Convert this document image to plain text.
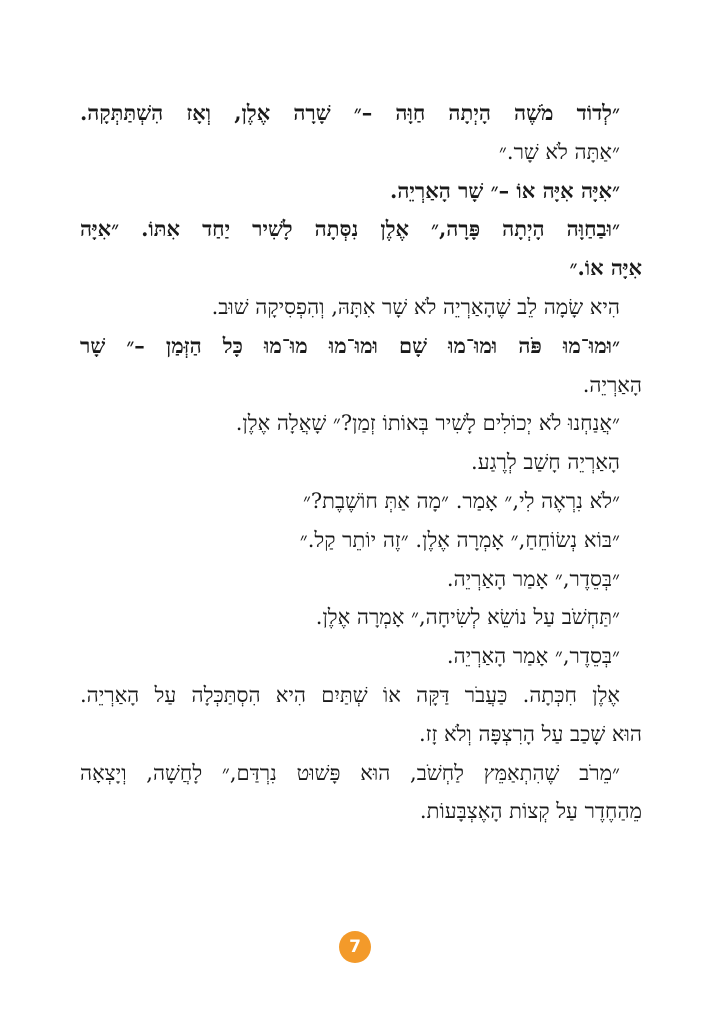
״לְדוֹד מֹשֶׁה הָיְתָה חַוָּה –״ שָׁרָה אֶלֶן, וְאָז הִשְׁתַּתְּקָה.
״אַתָּה לֹא שָׁר.״
״אִיָּה אִיָּה אוֹ –״ שָׁר הָאַרְיֵה.
״וּבַחַוָּה הָיְתָה פָּרָה,״ אֶלֶן נִסְּתָה לָשִׁיר יַחַד אִתּוֹ. ״אִיָּה
אִיָּה אוֹ.״
הִיא שָׂמָה לֵב שֶׁהָאַרְיֵה לֹא שָׁר אִתָּהּ, וְהִפְסִיקָה שׁוּב.
״וּמוּ־מוּ פֹּה וּמוּ־מוּ שָׁם וּמוּ־מוּ מוּ־מוּ כָּל הַזְּמַן –״ שָׁר
הָאַרְיֵה.
״אֲנַחְנוּ לֹא יְכוֹלִים לָשִׁיר בְּאוֹתוֹ זְמַן?״ שָׁאֲלָה אֶלֶן.
הָאַרְיֵה חָשַׁב לְרֶגַע.
״לֹא נִרְאֶה לִי,״ אָמַר. ״מָה אַתְּ חוֹשֶׁבֶת?״
״בּוֹא נְשׂוֹחֵחַ,״ אָמְרָה אֶלֶן. ״זֶה יוֹתֵר קַל.״
״בְּסֵדֶר,״ אָמַר הָאַרְיֵה.
״תַּחְשֹׁב עַל נוֹשֵׂא לְשִׂיחָה,״ אָמְרָה אֶלֶן.
״בְּסֵדֶר,״ אָמַר הָאַרְיֵה.
אֶלֶן חִכְּתָה. כַּעֲבֹר דַּקָּה אוֹ שְׁתַּיִם הִיא הִסְתַּכְּלָה עַל הָאַרְיֵה.
הוּא שָׁכַב עַל הָרִצְפָּה וְלֹא זָז.
״מֵרֹב שֶׁהִתְאַמֵּץ לַחְשֹׁב, הוּא פָּשׁוּט נִרְדַּם,״ לָחֲשָׁה, וְיָצְאָה
מֵהַחֶדֶר עַל קְצוֹת הָאֶצְבָּעוֹת.
7
